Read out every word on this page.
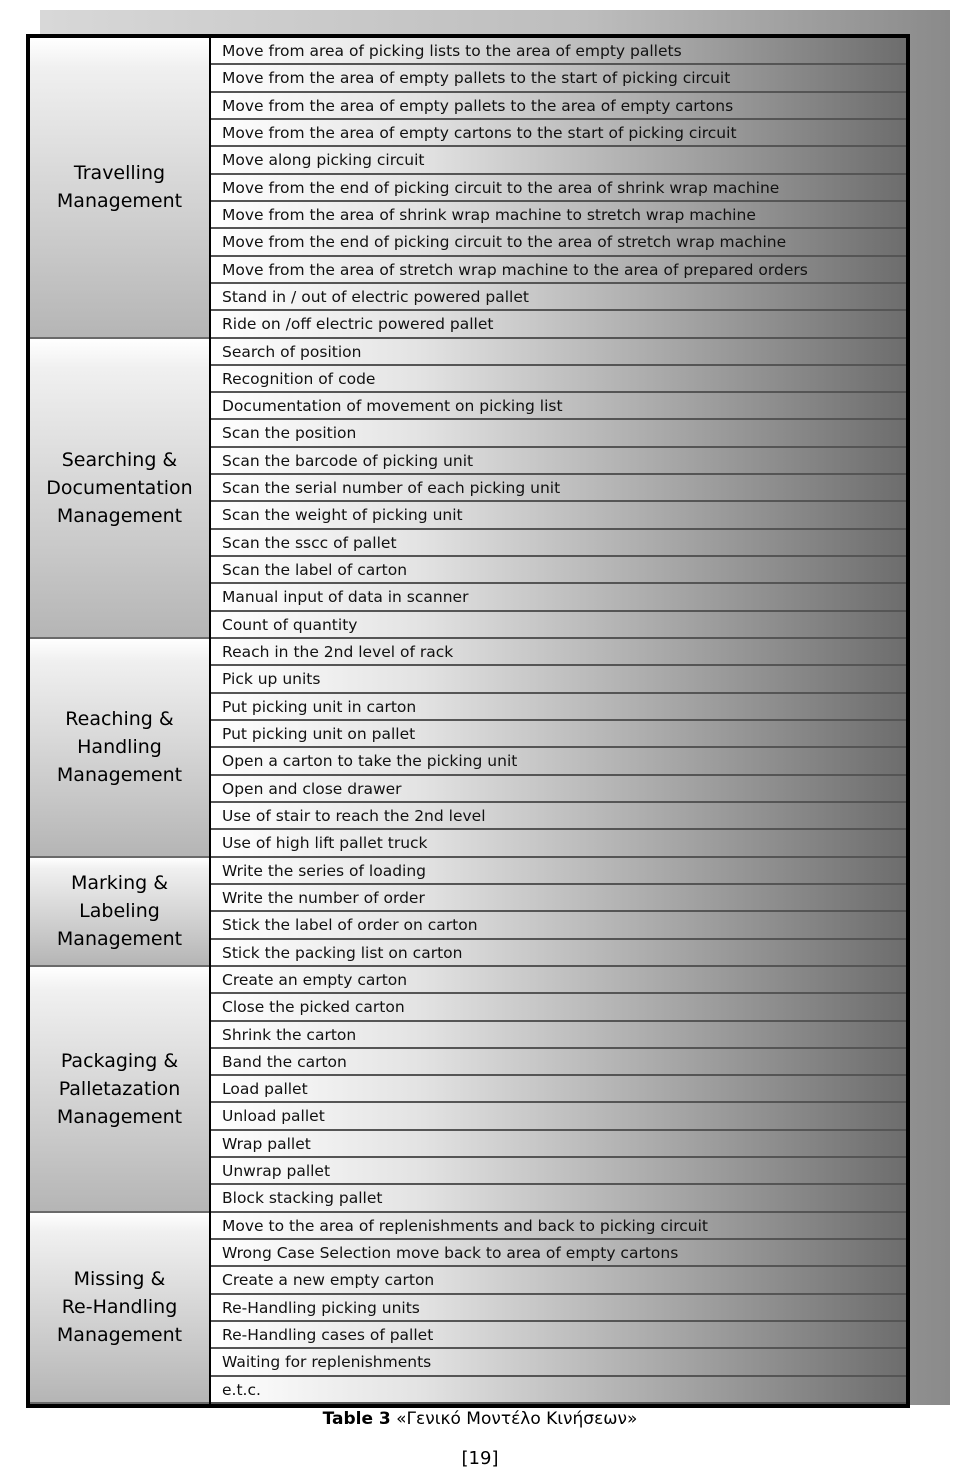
Travelling
Management
Searching &
Documentation
Management
Reaching &
Handling
Management
Marking &
Labeling
Management
Packaging &
Palletazation
Management
Missing &
Re-Handling
Management
Move from area of picking lists to the area of empty pallets
Move from the area of empty pallets to the start of picking circuit
Move from the area of empty pallets to the area of empty cartons
Move from the area of empty cartons to the start of picking circuit
Move along picking circuit
Move from the end of picking circuit to the area of shrink wrap machine
Move from the area of shrink wrap machine to stretch wrap machine
Move from the end of picking circuit to the area of stretch wrap machine
Move from the area of stretch wrap machine to the area of prepared orders
Stand in / out of electric powered pallet
Ride on /off electric powered pallet
Search of position
Recognition of code
Documentation of movement on picking list
Scan the position
Scan the barcode of picking unit
Scan the serial number of each picking unit
Scan the weight of picking unit
Scan the sscc of pallet
Scan the label of carton
Manual input of data in scanner
Count of quantity
Reach in the 2nd level of rack
Pick up units
Put picking unit in carton
Put picking unit on pallet
Open a carton to take the picking unit
Open and close drawer
Use of stair to reach the 2nd level
Use of high lift pallet truck
Write the series of loading
Write the number of order
Stick the label of order on carton
Stick the packing list on carton
Create an empty carton
Close the picked carton
Shrink the carton
Band the carton
Load pallet
Unload pallet
Wrap pallet
Unwrap pallet
Block stacking pallet
Move to the area of replenishments and back to picking circuit
Wrong Case Selection move back to area of empty cartons
Create a new empty carton
Re-Handling picking units
Re-Handling cases of pallet
Waiting for replenishments
e.t.c.
Table 3 «Γενικό Μοντέλο Κινήσεων»
[19]
